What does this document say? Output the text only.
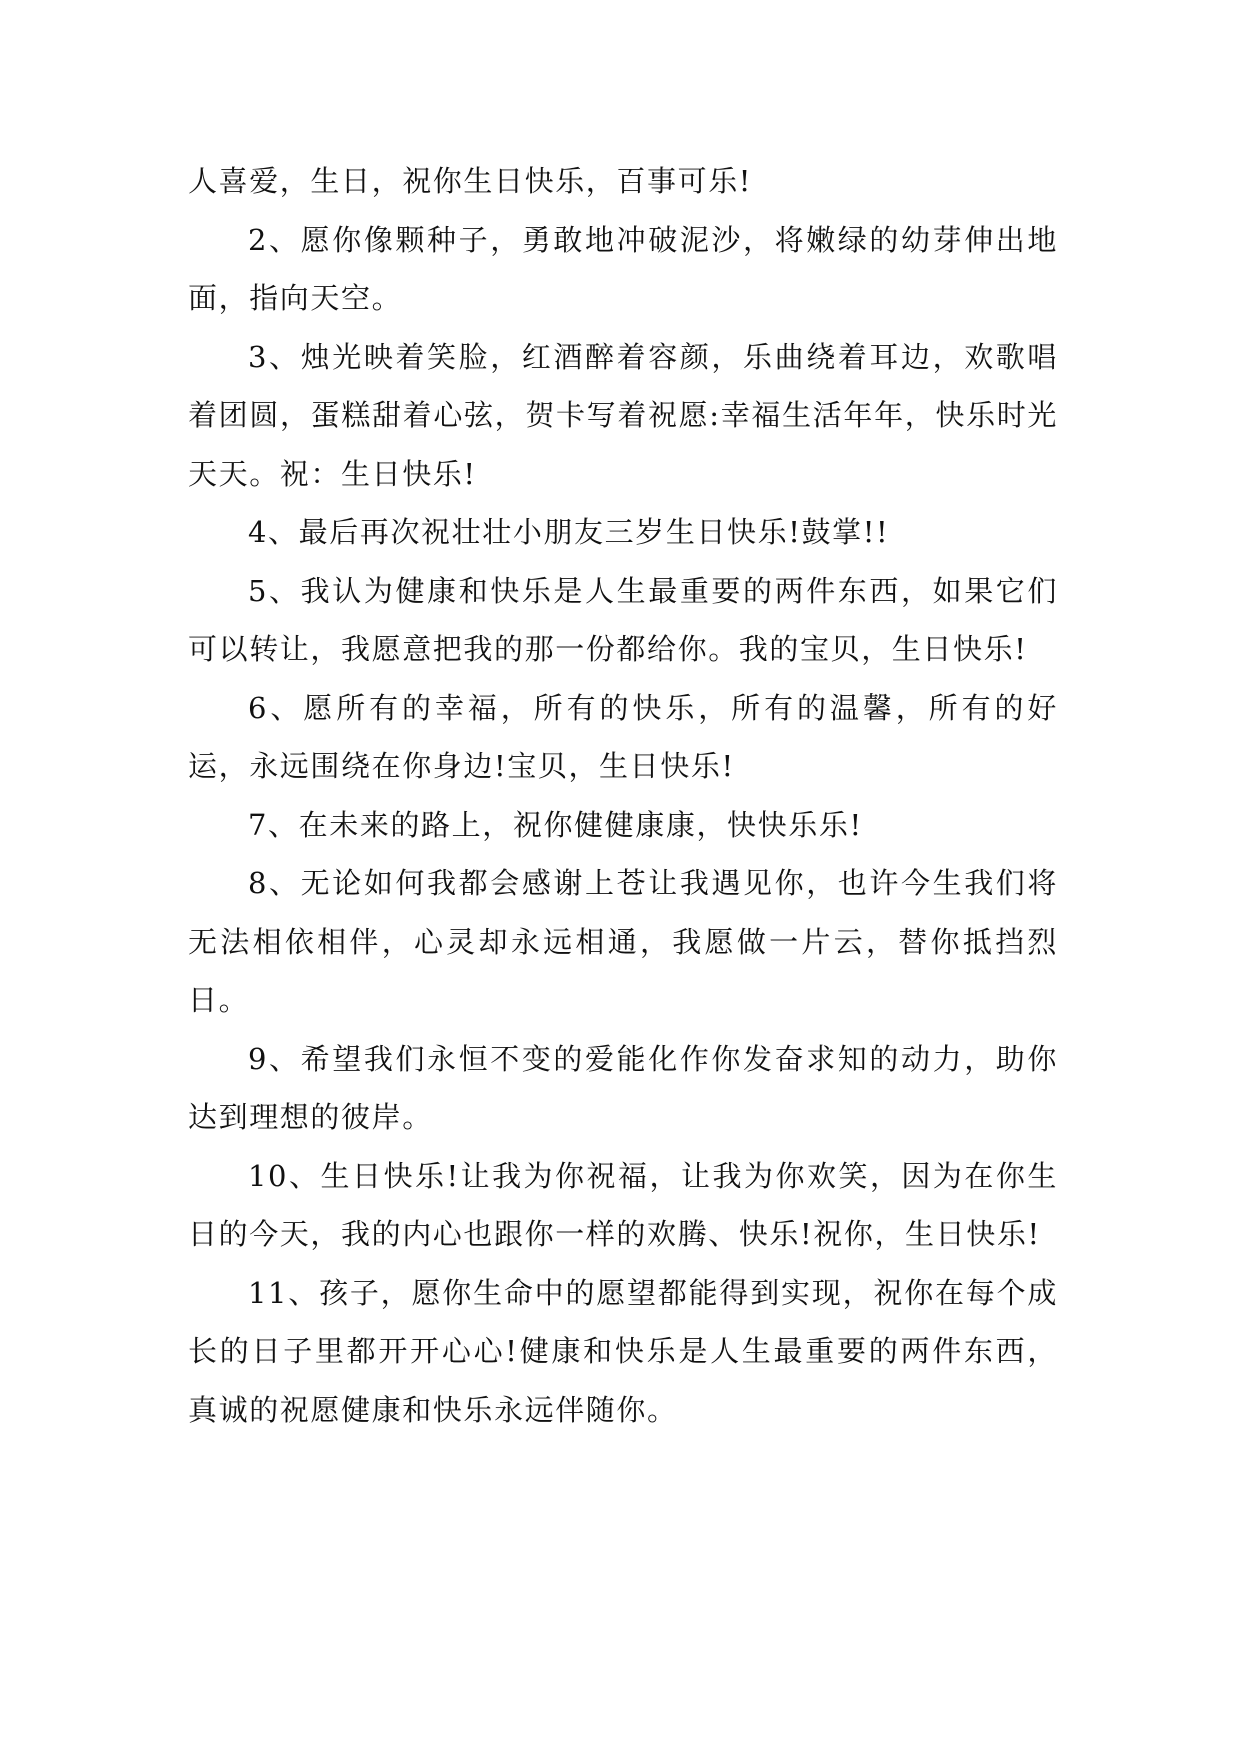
人喜爱，生日，祝你生日快乐，百事可乐!

2、愿你像颗种子，勇敢地冲破泥沙，将嫩绿的幼芽伸出地面，指向天空。

3、烛光映着笑脸，红酒醉着容颜，乐曲绕着耳边，欢歌唱着团圆，蛋糕甜着心弦，贺卡写着祝愿:幸福生活年年，快乐时光天天。祝：生日快乐!

4、最后再次祝壮壮小朋友三岁生日快乐!鼓掌!!

5、我认为健康和快乐是人生最重要的两件东西，如果它们可以转让，我愿意把我的那一份都给你。我的宝贝，生日快乐!

6、愿所有的幸福，所有的快乐，所有的温馨，所有的好运，永远围绕在你身边!宝贝，生日快乐!

7、在未来的路上，祝你健健康康，快快乐乐!

8、无论如何我都会感谢上苍让我遇见你，也许今生我们将无法相依相伴，心灵却永远相通，我愿做一片云，替你抵挡烈日。

9、希望我们永恒不变的爱能化作你发奋求知的动力，助你达到理想的彼岸。

10、生日快乐!让我为你祝福，让我为你欢笑，因为在你生日的今天，我的内心也跟你一样的欢腾、快乐!祝你，生日快乐!

11、孩子，愿你生命中的愿望都能得到实现，祝你在每个成长的日子里都开开心心!健康和快乐是人生最重要的两件东西，真诚的祝愿健康和快乐永远伴随你。
